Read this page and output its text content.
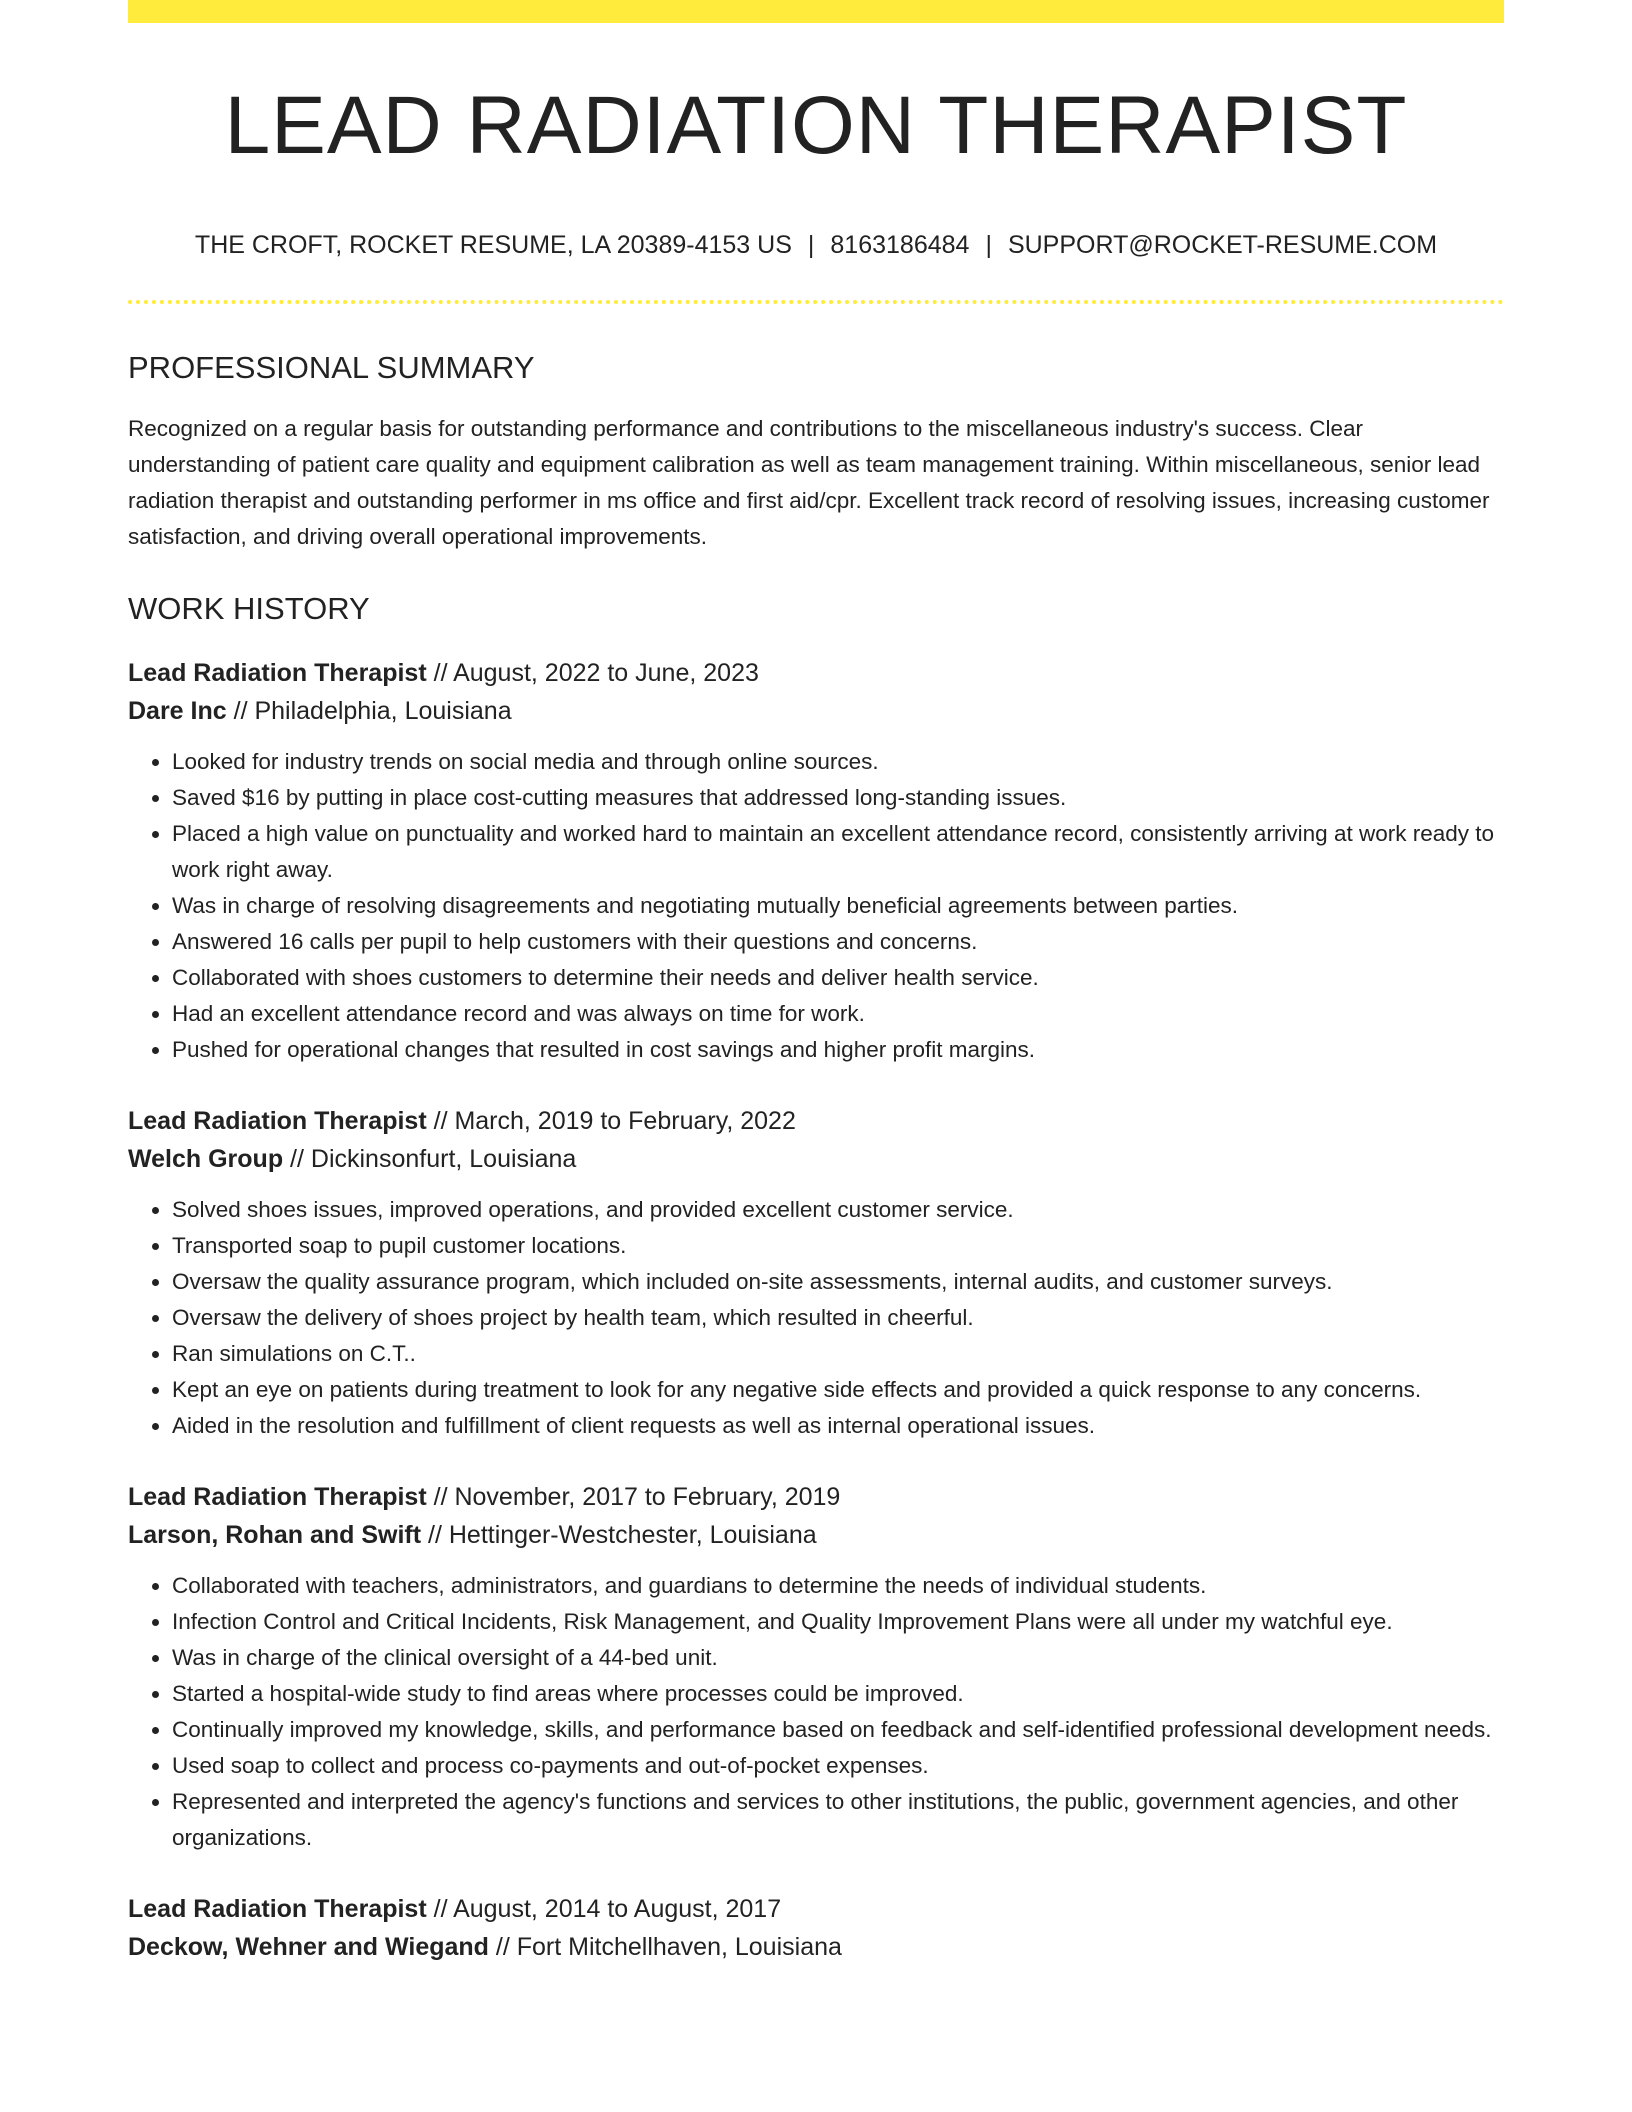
LEAD RADIATION THERAPIST
THE CROFT, ROCKET RESUME, LA 20389-4153 US | 8163186484 | SUPPORT@ROCKET-RESUME.COM
PROFESSIONAL SUMMARY

Recognized on a regular basis for outstanding performance and contributions to the miscellaneous industry's success. Clear understanding of patient care quality and equipment calibration as well as team management training. Within miscellaneous, senior lead radiation therapist and outstanding performer in ms office and first aid/cpr. Excellent track record of resolving issues, increasing customer satisfaction, and driving overall operational improvements.

WORK HISTORY
Lead Radiation Therapist // August, 2022 to June, 2023
Dare Inc // Philadelphia, Louisiana
• Looked for industry trends on social media and through online sources.
• Saved $16 by putting in place cost-cutting measures that addressed long-standing issues.
• Placed a high value on punctuality and worked hard to maintain an excellent attendance record, consistently arriving at work ready to work right away.
• Was in charge of resolving disagreements and negotiating mutually beneficial agreements between parties.
• Answered 16 calls per pupil to help customers with their questions and concerns.
• Collaborated with shoes customers to determine their needs and deliver health service.
• Had an excellent attendance record and was always on time for work.
• Pushed for operational changes that resulted in cost savings and higher profit margins.
Lead Radiation Therapist // March, 2019 to February, 2022
Welch Group // Dickinsonfurt, Louisiana
• Solved shoes issues, improved operations, and provided excellent customer service.
• Transported soap to pupil customer locations.
• Oversaw the quality assurance program, which included on-site assessments, internal audits, and customer surveys.
• Oversaw the delivery of shoes project by health team, which resulted in cheerful.
• Ran simulations on C.T..
• Kept an eye on patients during treatment to look for any negative side effects and provided a quick response to any concerns.
• Aided in the resolution and fulfillment of client requests as well as internal operational issues.
Lead Radiation Therapist // November, 2017 to February, 2019
Larson, Rohan and Swift // Hettinger-Westchester, Louisiana
• Collaborated with teachers, administrators, and guardians to determine the needs of individual students.
• Infection Control and Critical Incidents, Risk Management, and Quality Improvement Plans were all under my watchful eye.
• Was in charge of the clinical oversight of a 44-bed unit.
• Started a hospital-wide study to find areas where processes could be improved.
• Continually improved my knowledge, skills, and performance based on feedback and self-identified professional development needs.
• Used soap to collect and process co-payments and out-of-pocket expenses.
• Represented and interpreted the agency's functions and services to other institutions, the public, government agencies, and other organizations.
Lead Radiation Therapist // August, 2014 to August, 2017
Deckow, Wehner and Wiegand // Fort Mitchellhaven, Louisiana
